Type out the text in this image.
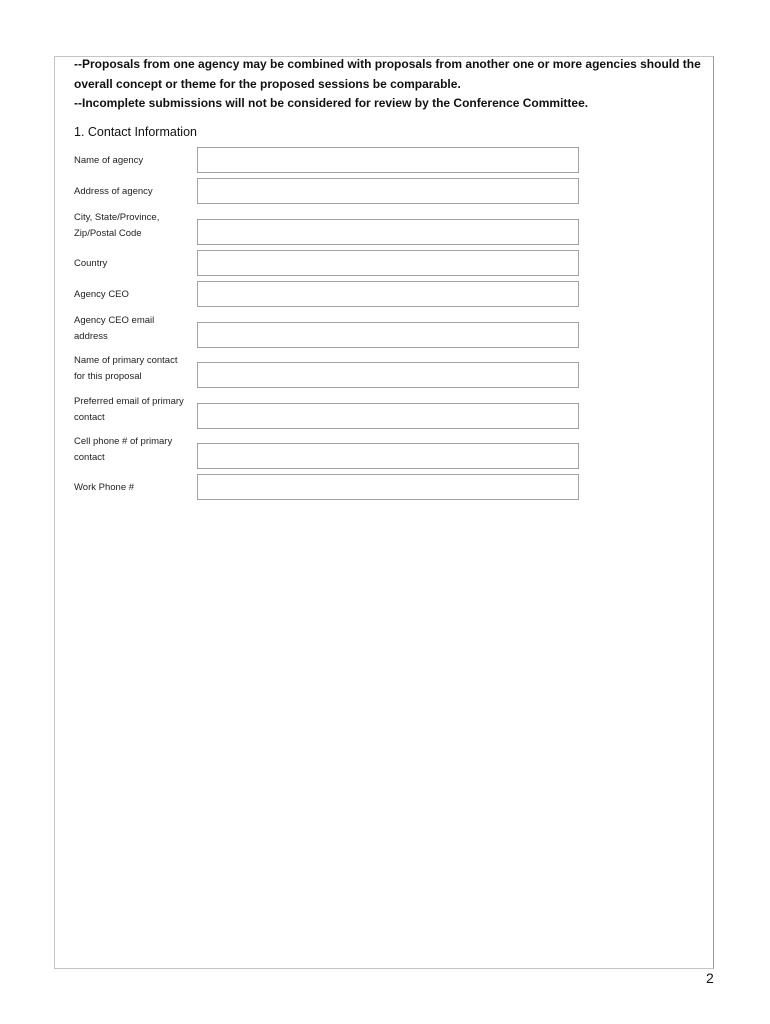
--Proposals from one agency may be combined with proposals from another one or more agencies should the overall concept or theme for the proposed sessions be comparable.

--Incomplete submissions will not be considered for review by the Conference Committee.

1. Contact Information
Name of agency
Address of agency
City, State/Province,
Zip/Postal Code
Country
Agency CEO
Agency CEO email
address
Name of primary contact
for this proposal
Preferred email of primary
contact
Cell phone # of primary
contact
Work Phone #
2
